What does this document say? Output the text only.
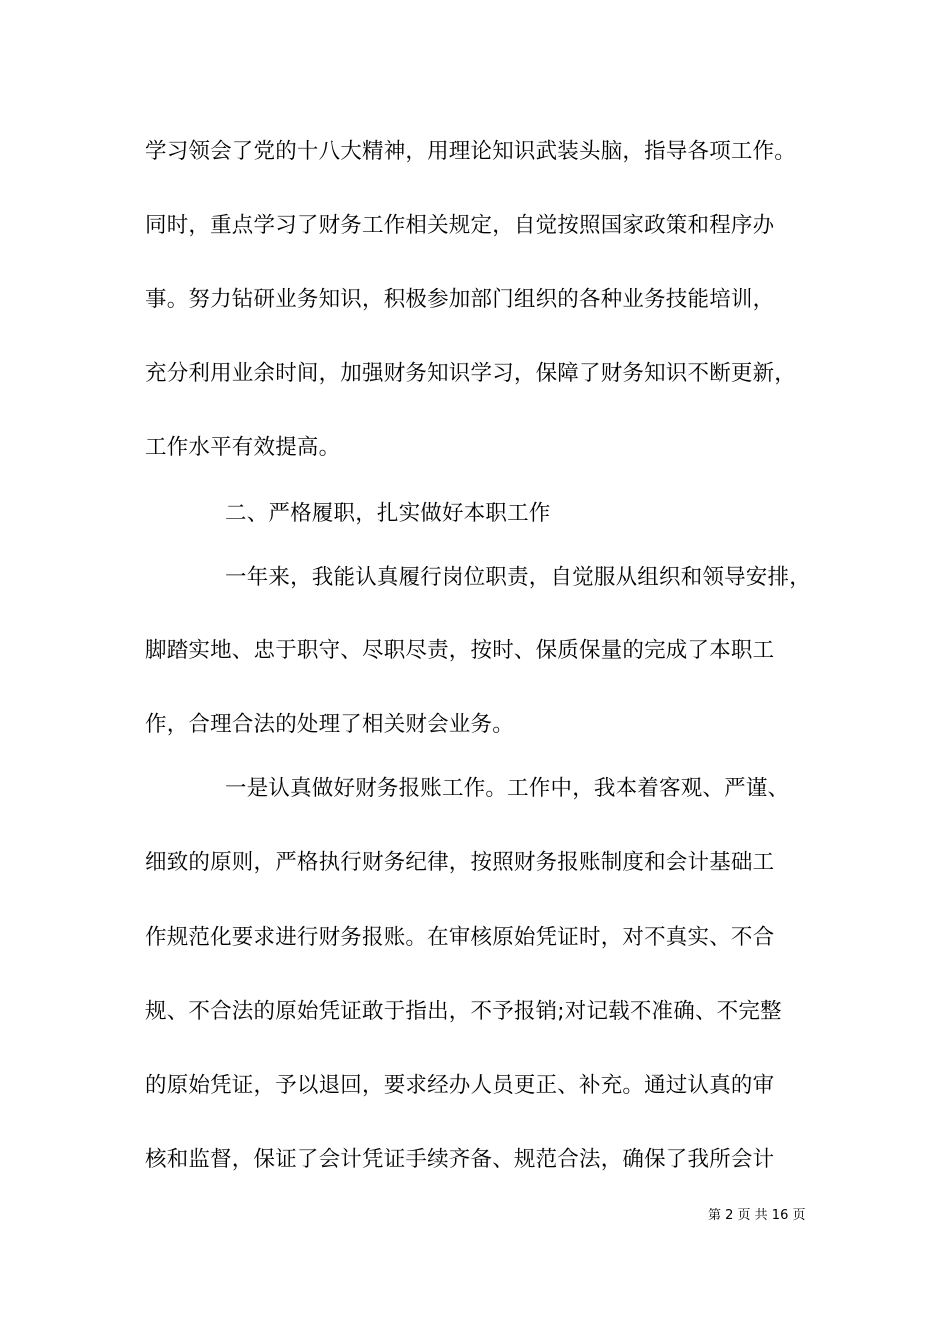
学习领会了党的十八大精神，用理论知识武装头脑，指导各项工作。
同时，重点学习了财务工作相关规定，自觉按照国家政策和程序办
事。努力钻研业务知识，积极参加部门组织的各种业务技能培训，
充分利用业余时间，加强财务知识学习，保障了财务知识不断更新，
工作水平有效提高。
二、严格履职，扎实做好本职工作
一年来，我能认真履行岗位职责，自觉服从组织和领导安排，
脚踏实地、忠于职守、尽职尽责，按时、保质保量的完成了本职工
作，合理合法的处理了相关财会业务。
一是认真做好财务报账工作。工作中，我本着客观、严谨、
细致的原则，严格执行财务纪律，按照财务报账制度和会计基础工
作规范化要求进行财务报账。在审核原始凭证时，对不真实、不合
规、不合法的原始凭证敢于指出，不予报销;对记载不准确、不完整
的原始凭证，予以退回，要求经办人员更正、补充。通过认真的审
核和监督，保证了会计凭证手续齐备、规范合法，确保了我所会计
第 2 页 共 16 页
